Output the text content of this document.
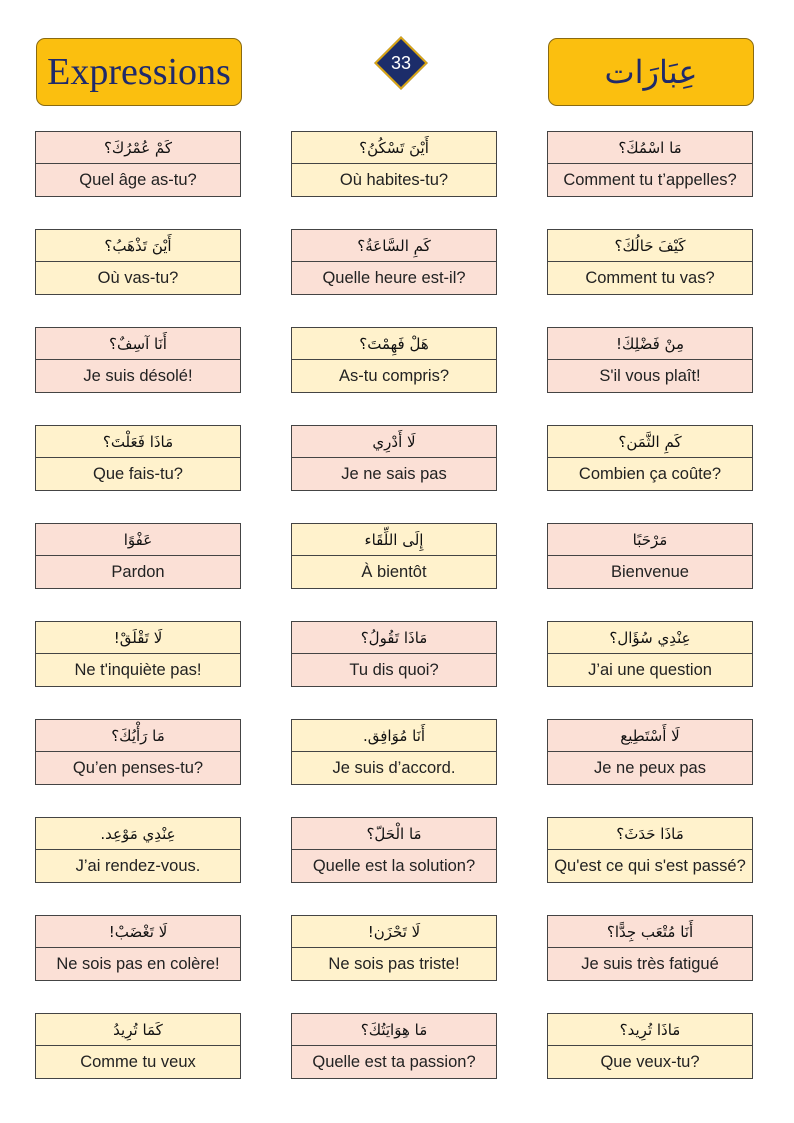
Expressions	33	عِبَارَات
كَمْ عُمْرُكَ؟
Quel âge as-tu?
أَيْنَ تَسْكُنُ؟
Où habites-tu?
مَا اسْمُكَ؟
Comment tu t’appelles?
أَيْنَ تَذْهَبُ؟
Où vas-tu?
كَمِ السَّاعَةُ؟
Quelle heure est-il?
كَيْفَ حَالُكَ؟
Comment tu vas?
أَنَا آسِفٌ؟
Je suis désolé!
هَلْ فَهِمْتَ؟
As-tu compris?
مِنْ فَضْلِكَ!
S'il vous plaît!
مَاذَا فَعَلْتَ؟
Que fais-tu?
لَا أَدْرِي
Je ne sais pas
كَمِ الثَّمَن؟
Combien ça coûte?
عَفْوًا
Pardon
إِلَى اللِّقَاء
À bientôt
مَرْحَبًا
Bienvenue
لَا تَقْلَقْ!
Ne t'inquiète pas!
مَاذَا تَقُولُ؟
Tu dis quoi?
عِنْدِي سُؤَال؟
J’ai une question
مَا رَأْيُكَ؟
Qu’en penses-tu?
أَنَا مُوَافِق.
Je suis d’accord.
لَا أَسْتَطِيع
Je ne peux pas
عِنْدِي مَوْعِد.
J’ai rendez-vous.
مَا الْحَلّ؟
Quelle est la solution?
مَاذَا حَدَثَ؟
Qu'est ce qui s'est passé?
لَا تَغْضَبْ!
Ne sois pas en colère!
لَا تَحْزَن!
Ne sois pas triste!
أَنَا مُتْعَب جِدًّا؟
Je suis très fatigué
كَمَا تُرِيدُ
Comme tu veux
مَا هِوَايَتُكَ؟
Quelle est ta passion?
مَاذَا تُرِيد؟
Que veux-tu?
